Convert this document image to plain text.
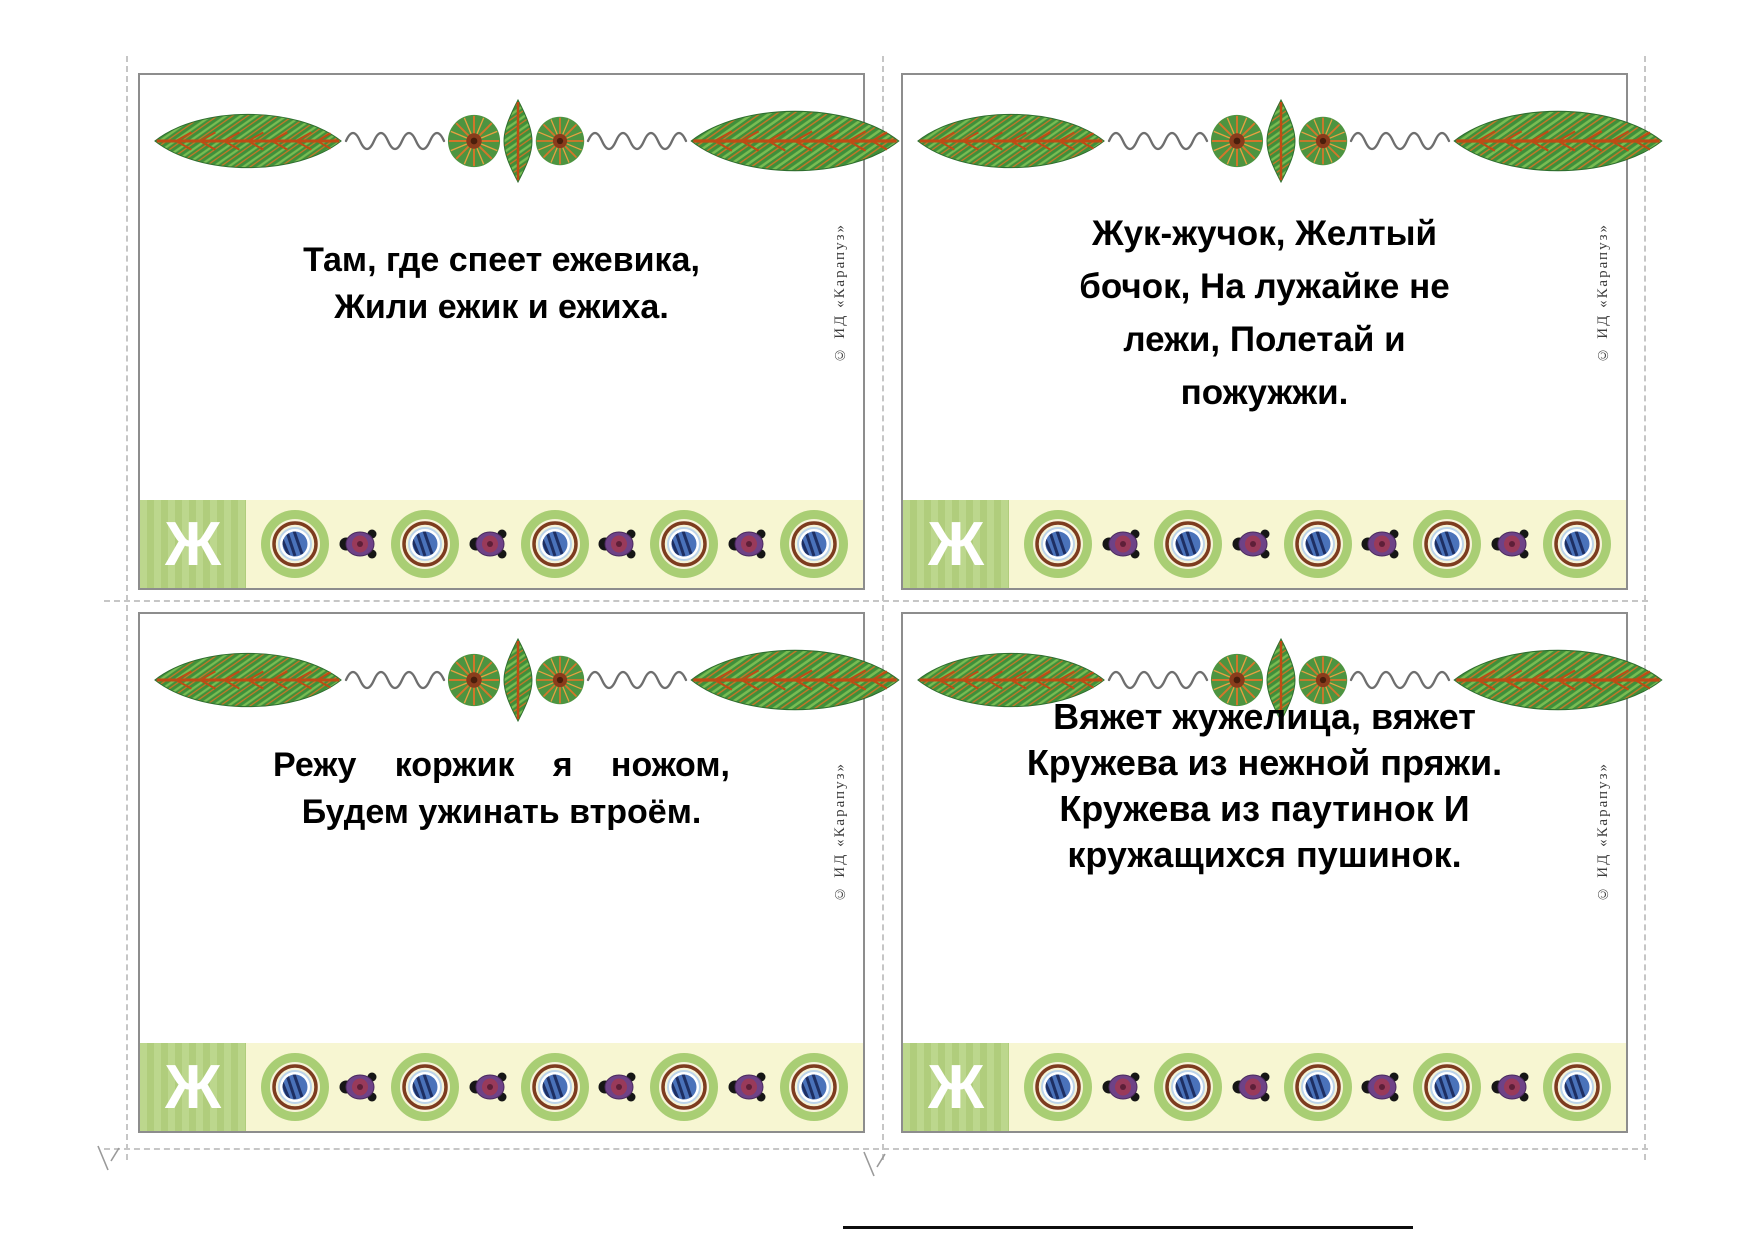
© ИД «Карапуз»
Там, где спеет ежевика,
Жили ежик и ежиха.
Ж
© ИД «Карапуз»
Жук-жучок, Желтый
бочок, На лужайке не
лежи, Полетай и
пожужжи.
Ж
© ИД «Карапуз»
Режу коржик я ножом,
Будем ужинать втроём.
Ж
© ИД «Карапуз»
Вяжет жужелица, вяжет
Кружева из нежной пряжи.
Кружева из паутинок И
кружащихся пушинок.
Ж
